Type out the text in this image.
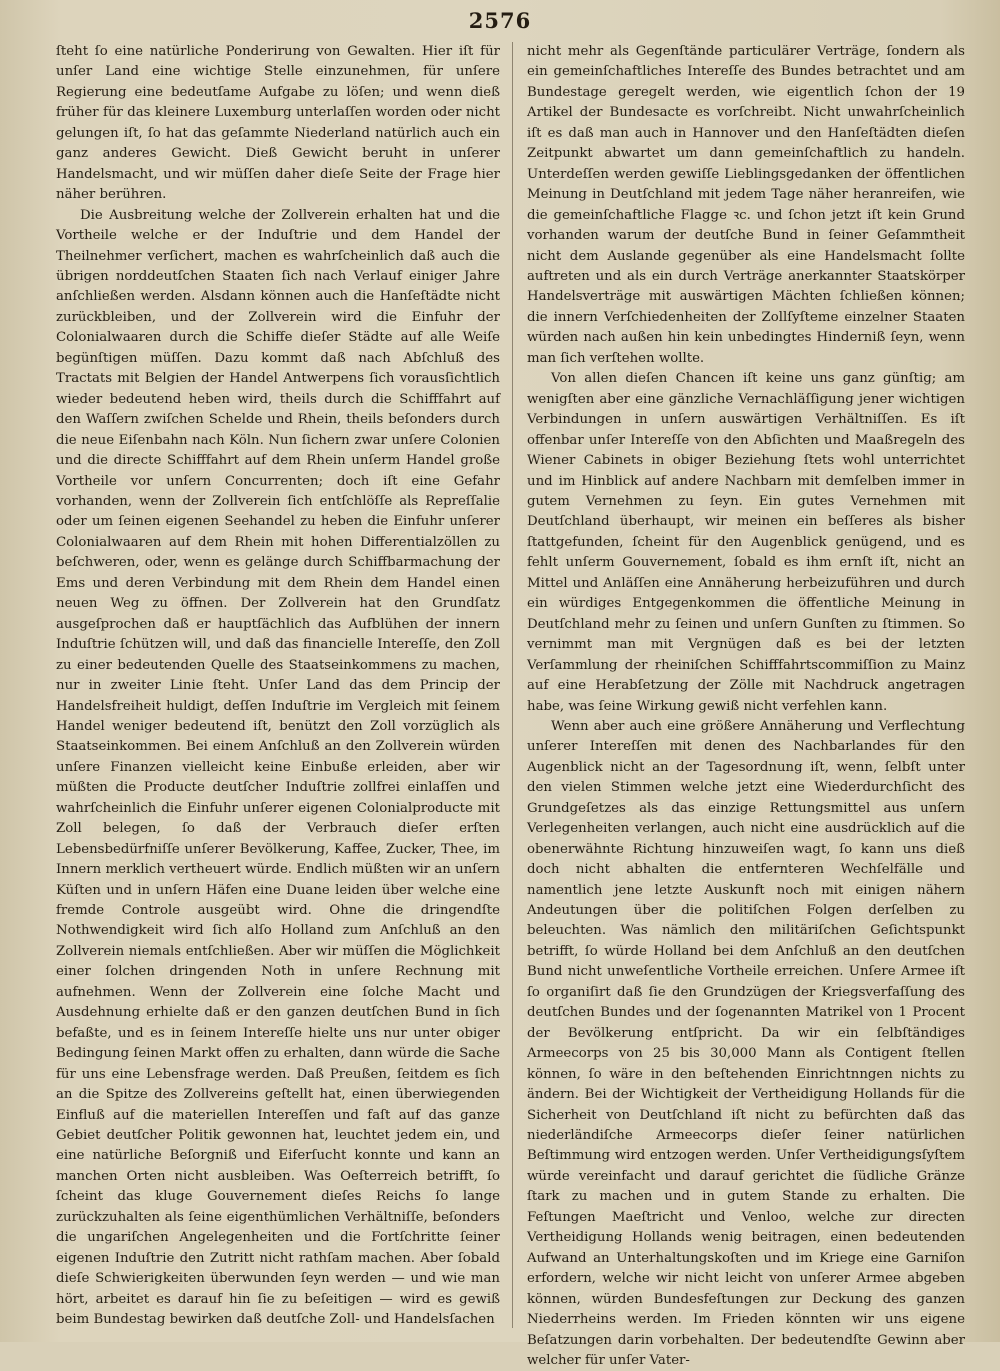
2576

ſteht ſo eine natürliche Ponderirung von Gewalten. Hier iſt für unſer Land eine wichtige Stelle einzunehmen, für unſere Regierung eine bedeutſame Aufgabe zu löſen; und wenn dieß früher für das kleinere Luxemburg unterlaſſen worden oder nicht gelungen iſt, ſo hat das geſammte Niederland natürlich auch ein ganz anderes Gewicht. Dieß Gewicht beruht in unſerer Handelsmacht, und wir müſſen daher dieſe Seite der Frage hier näher berühren.

Die Ausbreitung welche der Zollverein erhalten hat und die Vortheile welche er der Induſtrie und dem Handel der Theilnehmer verſichert, machen es wahrſcheinlich daß auch die übrigen norddeutſchen Staaten ſich nach Verlauf einiger Jahre anſchließen werden. Alsdann können auch die Hanſeſtädte nicht zurückbleiben, und der Zollverein wird die Einfuhr der Colonialwaaren durch die Schiffe dieſer Städte auf alle Weiſe begünſtigen müſſen. Dazu kommt daß nach Abſchluß des Tractats mit Belgien der Handel Antwerpens ſich vorausſichtlich wieder bedeutend heben wird, theils durch die Schifffahrt auf den Waſſern zwiſchen Schelde und Rhein, theils beſonders durch die neue Eiſenbahn nach Köln. Nun ſichern zwar unſere Colonien und die directe Schifffahrt auf dem Rhein unſerm Handel große Vortheile vor unſern Concurrenten; doch iſt eine Gefahr vorhanden, wenn der Zollverein ſich entſchlöſſe als Repreſſalie oder um ſeinen eigenen Seehandel zu heben die Einfuhr unſerer Colonialwaaren auf dem Rhein mit hohen Differentialzöllen zu beſchweren, oder, wenn es gelänge durch Schiffbarmachung der Ems und deren Verbindung mit dem Rhein dem Handel einen neuen Weg zu öffnen. Der Zollverein hat den Grundſatz ausgeſprochen daß er hauptſächlich das Aufblühen der innern Induſtrie ſchützen will, und daß das financielle Intereſſe, den Zoll zu einer bedeutenden Quelle des Staatseinkommens zu machen, nur in zweiter Linie ſteht. Unſer Land das dem Princip der Handelsfreiheit huldigt, deſſen Induſtrie im Vergleich mit ſeinem Handel weniger bedeutend iſt, benützt den Zoll vorzüglich als Staatseinkommen. Bei einem Anſchluß an den Zollverein würden unſere Finanzen vielleicht keine Einbuße erleiden, aber wir müßten die Producte deutſcher Induſtrie zollfrei einlaſſen und wahrſcheinlich die Einfuhr unſerer eigenen Colonialproducte mit Zoll belegen, ſo daß der Verbrauch dieſer erſten Lebensbedürfniſſe unſerer Bevölkerung, Kaffee, Zucker, Thee, im Innern merklich vertheuert würde. Endlich müßten wir an unſern Küſten und in unſern Häfen eine Duane leiden über welche eine fremde Controle ausgeübt wird. Ohne die dringendſte Nothwendigkeit wird ſich alſo Holland zum Anſchluß an den Zollverein niemals entſchließen. Aber wir müſſen die Möglichkeit einer ſolchen dringenden Noth in unſere Rechnung mit aufnehmen. Wenn der Zollverein eine ſolche Macht und Ausdehnung erhielte daß er den ganzen deutſchen Bund in ſich befaßte, und es in ſeinem Intereſſe hielte uns nur unter obiger Bedingung ſeinen Markt offen zu erhalten, dann würde die Sache für uns eine Lebensfrage werden. Daß Preußen, ſeitdem es ſich an die Spitze des Zollvereins geſtellt hat, einen überwiegenden Einfluß auf die materiellen Intereſſen und faſt auf das ganze Gebiet deutſcher Politik gewonnen hat, leuchtet jedem ein, und eine natürliche Beſorgniß und Eiferſucht konnte und kann an manchen Orten nicht ausbleiben. Was Oeſterreich betrifft, ſo ſcheint das kluge Gouvernement dieſes Reichs ſo lange zurückzuhalten als ſeine eigenthümlichen Verhältniſſe, beſonders die ungariſchen Angelegenheiten und die Fortſchritte ſeiner eigenen Induſtrie den Zutritt nicht rathſam machen. Aber ſobald dieſe Schwierigkeiten überwunden ſeyn werden — und wie man hört, arbeitet es darauf hin ſie zu beſeitigen — wird es gewiß beim Bundestag bewirken daß deutſche Zoll- und Handelsſachen

nicht mehr als Gegenſtände particulärer Verträge, ſondern als ein gemeinſchaftliches Intereſſe des Bundes betrachtet und am Bundestage geregelt werden, wie eigentlich ſchon der 19 Artikel der Bundesacte es vorſchreibt. Nicht unwahrſcheinlich iſt es daß man auch in Hannover und den Hanſeſtädten dieſen Zeitpunkt abwartet um dann gemeinſchaftlich zu handeln. Unterdeſſen werden gewiſſe Lieblingsgedanken der öffentlichen Meinung in Deutſchland mit jedem Tage näher heranreifen, wie die gemeinſchaftliche Flagge ꝛc. und ſchon jetzt iſt kein Grund vorhanden warum der deutſche Bund in ſeiner Geſammtheit nicht dem Auslande gegenüber als eine Handelsmacht ſollte auftreten und als ein durch Verträge anerkannter Staatskörper Handelsverträge mit auswärtigen Mächten ſchließen können; die innern Verſchiedenheiten der Zollſyſteme einzelner Staaten würden nach außen hin kein unbedingtes Hinderniß ſeyn, wenn man ſich verſtehen wollte.

Von allen dieſen Chancen iſt keine uns ganz günſtig; am wenigſten aber eine gänzliche Vernachläſſigung jener wichtigen Verbindungen in unſern auswärtigen Verhältniſſen. Es iſt offenbar unſer Intereſſe von den Abſichten und Maaßregeln des Wiener Cabinets in obiger Beziehung ſtets wohl unterrichtet und im Hinblick auf andere Nachbarn mit demſelben immer in gutem Vernehmen zu ſeyn. Ein gutes Vernehmen mit Deutſchland überhaupt, wir meinen ein beſſeres als bisher ſtattgefunden, ſcheint für den Augenblick genügend, und es fehlt unſerm Gouvernement, ſobald es ihm ernſt iſt, nicht an Mittel und Anläſſen eine Annäherung herbeizuführen und durch ein würdiges Entgegenkommen die öffentliche Meinung in Deutſchland mehr zu ſeinen und unſern Gunſten zu ſtimmen. So vernimmt man mit Vergnügen daß es bei der letzten Verſammlung der rheiniſchen Schifffahrtscommiſſion zu Mainz auf eine Herabſetzung der Zölle mit Nachdruck angetragen habe, was ſeine Wirkung gewiß nicht verfehlen kann.

Wenn aber auch eine größere Annäherung und Verflechtung unſerer Intereſſen mit denen des Nachbarlandes für den Augenblick nicht an der Tagesordnung iſt, wenn, ſelbſt unter den vielen Stimmen welche jetzt eine Wiederdurchſicht des Grundgeſetzes als das einzige Rettungsmittel aus unſern Verlegenheiten verlangen, auch nicht eine ausdrücklich auf die obenerwähnte Richtung hinzuweiſen wagt, ſo kann uns dieß doch nicht abhalten die entfernteren Wechſelfälle und namentlich jene letzte Auskunft noch mit einigen nähern Andeutungen über die politiſchen Folgen derſelben zu beleuchten. Was nämlich den militäriſchen Geſichtspunkt betrifft, ſo würde Holland bei dem Anſchluß an den deutſchen Bund nicht unweſentliche Vortheile erreichen. Unſere Armee iſt ſo organiſirt daß ſie den Grundzügen der Kriegsverfaſſung des deutſchen Bundes und der ſogenannten Matrikel von 1 Procent der Bevölkerung entſpricht. Da wir ein ſelbſtändiges Armeecorps von 25 bis 30,000 Mann als Contigent ſtellen können, ſo wäre in den beſtehenden Einrichtnngen nichts zu ändern. Bei der Wichtigkeit der Vertheidigung Hollands für die Sicherheit von Deutſchland iſt nicht zu befürchten daß das niederländiſche Armeecorps dieſer ſeiner natürlichen Beſtimmung wird entzogen werden. Unſer Vertheidigungsſyſtem würde vereinfacht und darauf gerichtet die ſüdliche Gränze ſtark zu machen und in gutem Stande zu erhalten. Die Feſtungen Maeſtricht und Venloo, welche zur directen Vertheidigung Hollands wenig beitragen, einen bedeutenden Aufwand an Unterhaltungskoſten und im Kriege eine Garniſon erfordern, welche wir nicht leicht von unſerer Armee abgeben können, würden Bundesfeſtungen zur Deckung des ganzen Niederrheins werden. Im Frieden könnten wir uns eigene Beſatzungen darin vorbehalten. Der bedeutendſte Gewinn aber welcher für unſer Vater-
